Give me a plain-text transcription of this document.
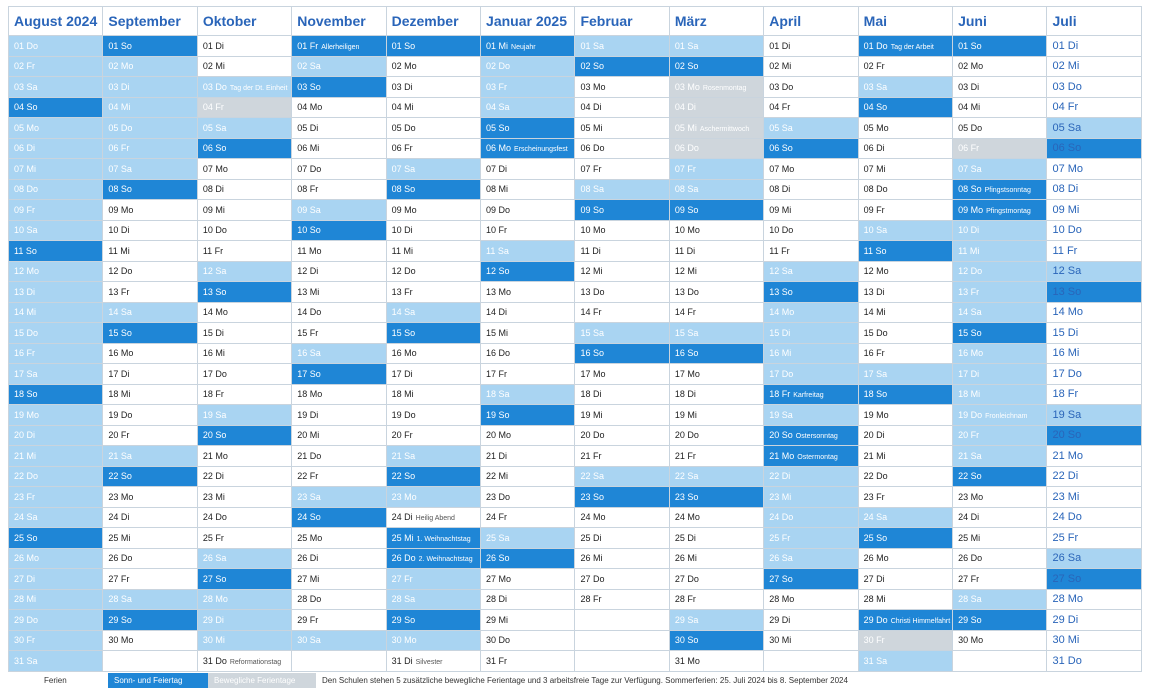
August 2024	September	Oktober	November	Dezember	Januar 2025	Februar	März	April	Mai	Juni	Juli
01 Do	01 So	01 Di	01 Fr Allerheiligen	01 So	01 Mi Neujahr	01 Sa	01 Sa	01 Di	01 Do Tag der Arbeit	01 So	01 Di
02 Fr	02 Mo	02 Mi	02 Sa	02 Mo	02 Do	02 So	02 So	02 Mi	02 Fr	02 Mo	02 Mi
03 Sa	03 Di	03 Do Tag der Dt. Einheit	03 So	03 Di	03 Fr	03 Mo	03 Mo Rosenmontag	03 Do	03 Sa	03 Di	03 Do
04 So	04 Mi	04 Fr	04 Mo	04 Mi	04 Sa	04 Di	04 Di	04 Fr	04 So	04 Mi	04 Fr
05 Mo	05 Do	05 Sa	05 Di	05 Do	05 So	05 Mi	05 Mi Aschermittwoch	05 Sa	05 Mo	05 Do	05 Sa
06 Di	06 Fr	06 So	06 Mi	06 Fr	06 Mo Erscheinungsfest	06 Do	06 Do	06 So	06 Di	06 Fr	06 So
07 Mi	07 Sa	07 Mo	07 Do	07 Sa	07 Di	07 Fr	07 Fr	07 Mo	07 Mi	07 Sa	07 Mo
08 Do	08 So	08 Di	08 Fr	08 So	08 Mi	08 Sa	08 Sa	08 Di	08 Do	08 So Pfingstsonntag	08 Di
09 Fr	09 Mo	09 Mi	09 Sa	09 Mo	09 Do	09 So	09 So	09 Mi	09 Fr	09 Mo Pfingstmontag	09 Mi
10 Sa	10 Di	10 Do	10 So	10 Di	10 Fr	10 Mo	10 Mo	10 Do	10 Sa	10 Di	10 Do
11 So	11 Mi	11 Fr	11 Mo	11 Mi	11 Sa	11 Di	11 Di	11 Fr	11 So	11 Mi	11 Fr
12 Mo	12 Do	12 Sa	12 Di	12 Do	12 So	12 Mi	12 Mi	12 Sa	12 Mo	12 Do	12 Sa
13 Di	13 Fr	13 So	13 Mi	13 Fr	13 Mo	13 Do	13 Do	13 So	13 Di	13 Fr	13 So
14 Mi	14 Sa	14 Mo	14 Do	14 Sa	14 Di	14 Fr	14 Fr	14 Mo	14 Mi	14 Sa	14 Mo
15 Do	15 So	15 Di	15 Fr	15 So	15 Mi	15 Sa	15 Sa	15 Di	15 Do	15 So	15 Di
16 Fr	16 Mo	16 Mi	16 Sa	16 Mo	16 Do	16 So	16 So	16 Mi	16 Fr	16 Mo	16 Mi
17 Sa	17 Di	17 Do	17 So	17 Di	17 Fr	17 Mo	17 Mo	17 Do	17 Sa	17 Di	17 Do
18 So	18 Mi	18 Fr	18 Mo	18 Mi	18 Sa	18 Di	18 Di	18 Fr Karfreitag	18 So	18 Mi	18 Fr
19 Mo	19 Do	19 Sa	19 Di	19 Do	19 So	19 Mi	19 Mi	19 Sa	19 Mo	19 Do Fronleichnam	19 Sa
20 Di	20 Fr	20 So	20 Mi	20 Fr	20 Mo	20 Do	20 Do	20 So Ostersonntag	20 Di	20 Fr	20 So
21 Mi	21 Sa	21 Mo	21 Do	21 Sa	21 Di	21 Fr	21 Fr	21 Mo Ostermontag	21 Mi	21 Sa	21 Mo
22 Do	22 So	22 Di	22 Fr	22 So	22 Mi	22 Sa	22 Sa	22 Di	22 Do	22 So	22 Di
23 Fr	23 Mo	23 Mi	23 Sa	23 Mo	23 Do	23 So	23 So	23 Mi	23 Fr	23 Mo	23 Mi
24 Sa	24 Di	24 Do	24 So	24 Di Heilig Abend	24 Fr	24 Mo	24 Mo	24 Do	24 Sa	24 Di	24 Do
25 So	25 Mi	25 Fr	25 Mo	25 Mi 1. Weihnachtstag	25 Sa	25 Di	25 Di	25 Fr	25 So	25 Mi	25 Fr
26 Mo	26 Do	26 Sa	26 Di	26 Do 2. Weihnachtstag	26 So	26 Mi	26 Mi	26 Sa	26 Mo	26 Do	26 Sa
27 Di	27 Fr	27 So	27 Mi	27 Fr	27 Mo	27 Do	27 Do	27 So	27 Di	27 Fr	27 So
28 Mi	28 Sa	28 Mo	28 Do	28 Sa	28 Di	28 Fr	28 Fr	28 Mo	28 Mi	28 Sa	28 Mo
29 Do	29 So	29 Di	29 Fr	29 So	29 Mi		29 Sa	29 Di	29 Do Christi Himmelfahrt	29 So	29 Di
30 Fr	30 Mo	30 Mi	30 Sa	30 Mo	30 Do		30 So	30 Mi	30 Fr	30 Mo	30 Mi
31 Sa		31 Do Reformationstag		31 Di Silvester	31 Fr		31 Mo		31 Sa		31 Do
Ferien	Sonn- und Feiertag	Bewegliche Ferientage	Den Schulen stehen 5 zusätzliche bewegliche Ferientage und 3 arbeitsfreie Tage zur Verfügung. Sommerferien: 25. Juli 2024 bis 8. September 2024
